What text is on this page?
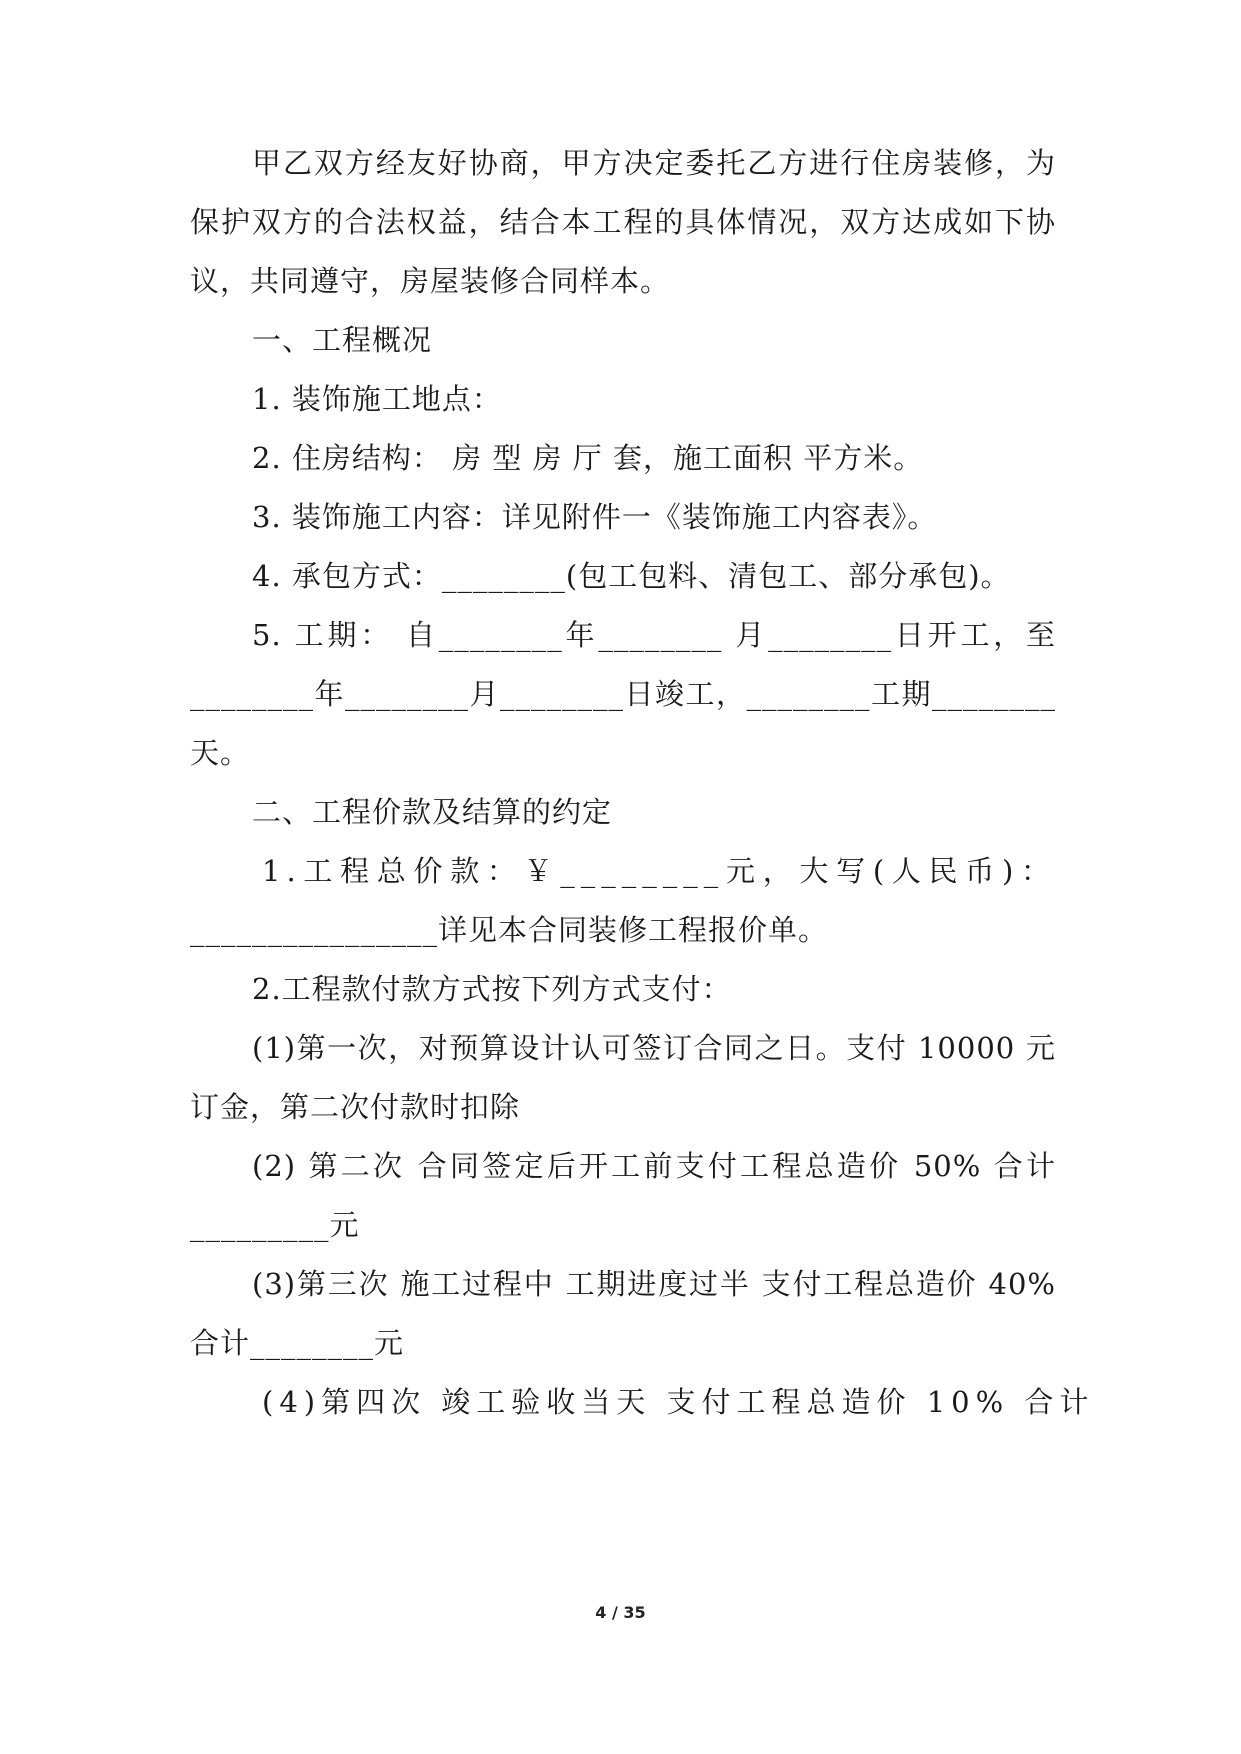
甲乙双方经友好协商，甲方决定委托乙方进行住房装修，为
保护双方的合法权益，结合本工程的具体情况，双方达成如下协
议，共同遵守，房屋装修合同样本。
一、工程概况
1. 装饰施工地点：
2. 住房结构： 房 型 房 厅 套，施工面积 平方米。
3. 装饰施工内容：详见附件一《装饰施工内容表》。
4. 承包方式：________(包工包料、清包工、部分承包)。
5. 工期： 自________年________ 月________日开工，至
________年________月________日竣工，________工期________
天。
二、工程价款及结算的约定
1.工程总价款：￥________元，大写(人民币)：
________________详见本合同装修工程报价单。
2.工程款付款方式按下列方式支付：
(1)第一次，对预算设计认可签订合同之日。支付 10000 元
订金，第二次付款时扣除
(2) 第二次 合同签定后开工前支付工程总造价 50% 合计
_________元
(3)第三次 施工过程中 工期进度过半 支付工程总造价 40%
合计________元
(4)第四次 竣工验收当天 支付工程总造价 10% 合计
4 / 35
